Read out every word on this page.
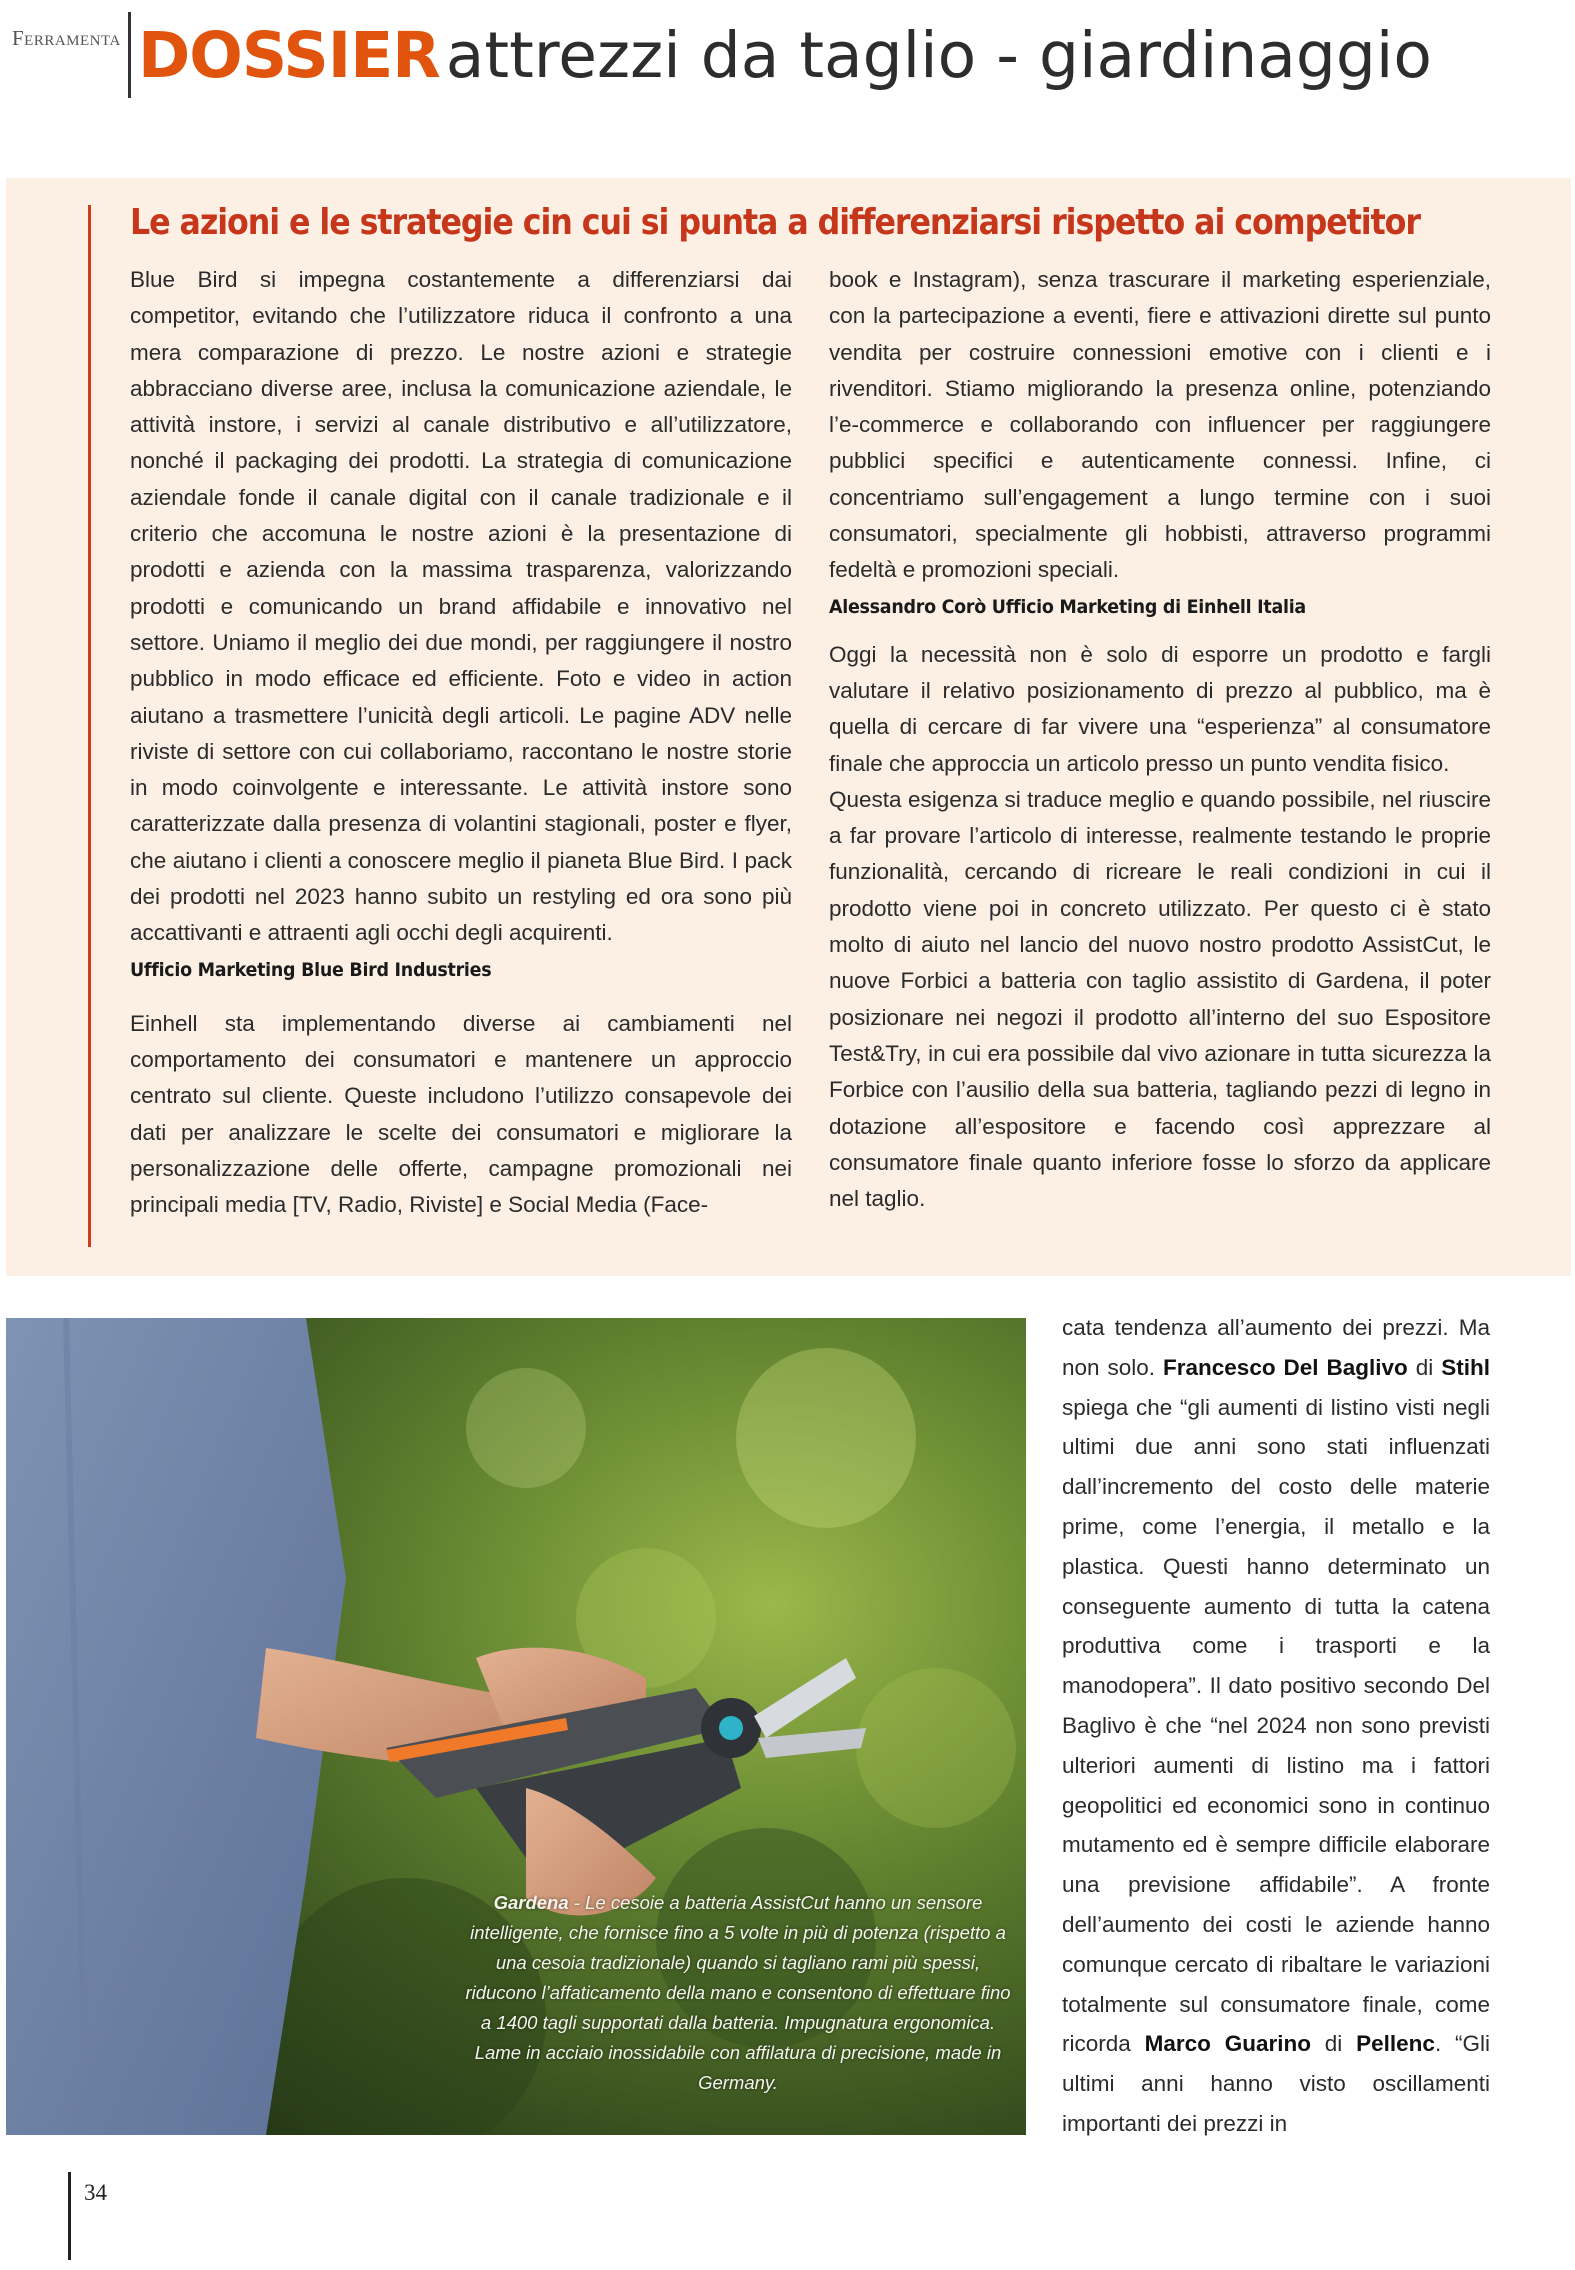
Ferramenta DOSSIERattrezzi da taglio - giardinaggio
Le azioni e le strategie cin cui si punta a differenziarsi rispetto ai competitor

Blue Bird si impegna costantemente a differenziarsi dai competitor, evitando che l’utilizzatore riduca il confronto a una mera comparazione di prezzo. Le nostre azioni e strategie abbracciano diverse aree, inclusa la comunicazione aziendale, le attività instore, i servizi al canale distributivo e all’utilizzatore, nonché il packaging dei prodotti. La strategia di comunicazione aziendale fonde il canale digital con il canale tradizionale e il criterio che accomuna le nostre azioni è la presentazione di prodotti e azienda con la massima trasparenza, valorizzando prodotti e comunicando un brand affidabile e innovativo nel settore. Uniamo il meglio dei due mondi, per raggiungere il nostro pubblico in modo efficace ed efficiente. Foto e video in action aiutano a trasmettere l’unicità degli articoli. Le pagine ADV nelle riviste di settore con cui collaboriamo, raccontano le nostre storie in modo coinvolgente e interessante. Le attività instore sono caratterizzate dalla presenza di volantini stagionali, poster e flyer, che aiutano i clienti a conoscere meglio il pianeta Blue Bird. I pack dei prodotti nel 2023 hanno subito un restyling ed ora sono più accattivanti e attraenti agli occhi degli acquirenti.

Ufficio Marketing Blue Bird Industries

Einhell sta implementando diverse ai cambiamenti nel comportamento dei consumatori e mantenere un approccio centrato sul cliente. Queste includono l’utilizzo consapevole dei dati per analizzare le scelte dei consumatori e migliorare la personalizzazione delle offerte, campagne promozionali nei principali media [TV, Radio, Riviste] e Social Media (Face-

book e Instagram), senza trascurare il marketing esperienziale, con la partecipazione a eventi, fiere e attivazioni dirette sul punto vendita per costruire connessioni emotive con i clienti e i rivenditori. Stiamo migliorando la presenza online, potenziando l’e-commerce e collaborando con influencer per raggiungere pubblici specifici e autenticamente connessi. Infine, ci concentriamo sull’engagement a lungo termine con i suoi consumatori, specialmente gli hobbisti, attraverso programmi fedeltà e promozioni speciali.

Alessandro Corò Ufficio Marketing di Einhell Italia

Oggi la necessità non è solo di esporre un prodotto e fargli valutare il relativo posizionamento di prezzo al pubblico, ma è quella di cercare di far vivere una “esperienza” al consumatore finale che approccia un articolo presso un punto vendita fisico.

Questa esigenza si traduce meglio e quando possibile, nel riuscire a far provare l’articolo di interesse, realmente testando le proprie funzionalità, cercando di ricreare le reali condizioni in cui il prodotto viene poi in concreto utilizzato. Per questo ci è stato molto di aiuto nel lancio del nuovo nostro prodotto AssistCut, le nuove Forbici a batteria con taglio assistito di Gardena, il poter posizionare nei negozi il prodotto all’interno del suo Espositore Test&Try, in cui era possibile dal vivo azionare in tutta sicurezza la Forbice con l’ausilio della sua batteria, tagliando pezzi di legno in dotazione all’espositore e facendo così apprezzare al consumatore finale quanto inferiore fosse lo sforzo da applicare nel taglio.

Gardena - Le cesoie a batteria AssistCut hanno un sensore intelligente, che fornisce fino a 5 volte in più di potenza (rispetto a una cesoia tradizionale) quando si tagliano rami più spessi, riducono l’affaticamento della mano e consentono di effettuare fino a 1400 tagli supportati dalla batteria. Impugnatura ergonomica. Lame in acciaio inossidabile con affilatura di precisione, made in Germany.

cata tendenza all’aumento dei prezzi. Ma non solo. Francesco Del Baglivo di Stihl spiega che “gli aumenti di listino visti negli ultimi due anni sono stati influenzati dall’incremento del costo delle materie prime, come l’energia, il metallo e la plastica. Questi hanno determinato un conseguente aumento di tutta la catena produttiva come i trasporti e la manodopera”. Il dato positivo secondo Del Baglivo è che “nel 2024 non sono previsti ulteriori aumenti di listino ma i fattori geopolitici ed economici sono in continuo mutamento ed è sempre difficile elaborare una previsione affidabile”. A fronte dell’aumento dei costi le aziende hanno comunque cercato di ribaltare le variazioni totalmente sul consumatore finale, come ricorda Marco Guarino di Pellenc. “Gli ultimi anni hanno visto oscillamenti importanti dei prezzi in

34
